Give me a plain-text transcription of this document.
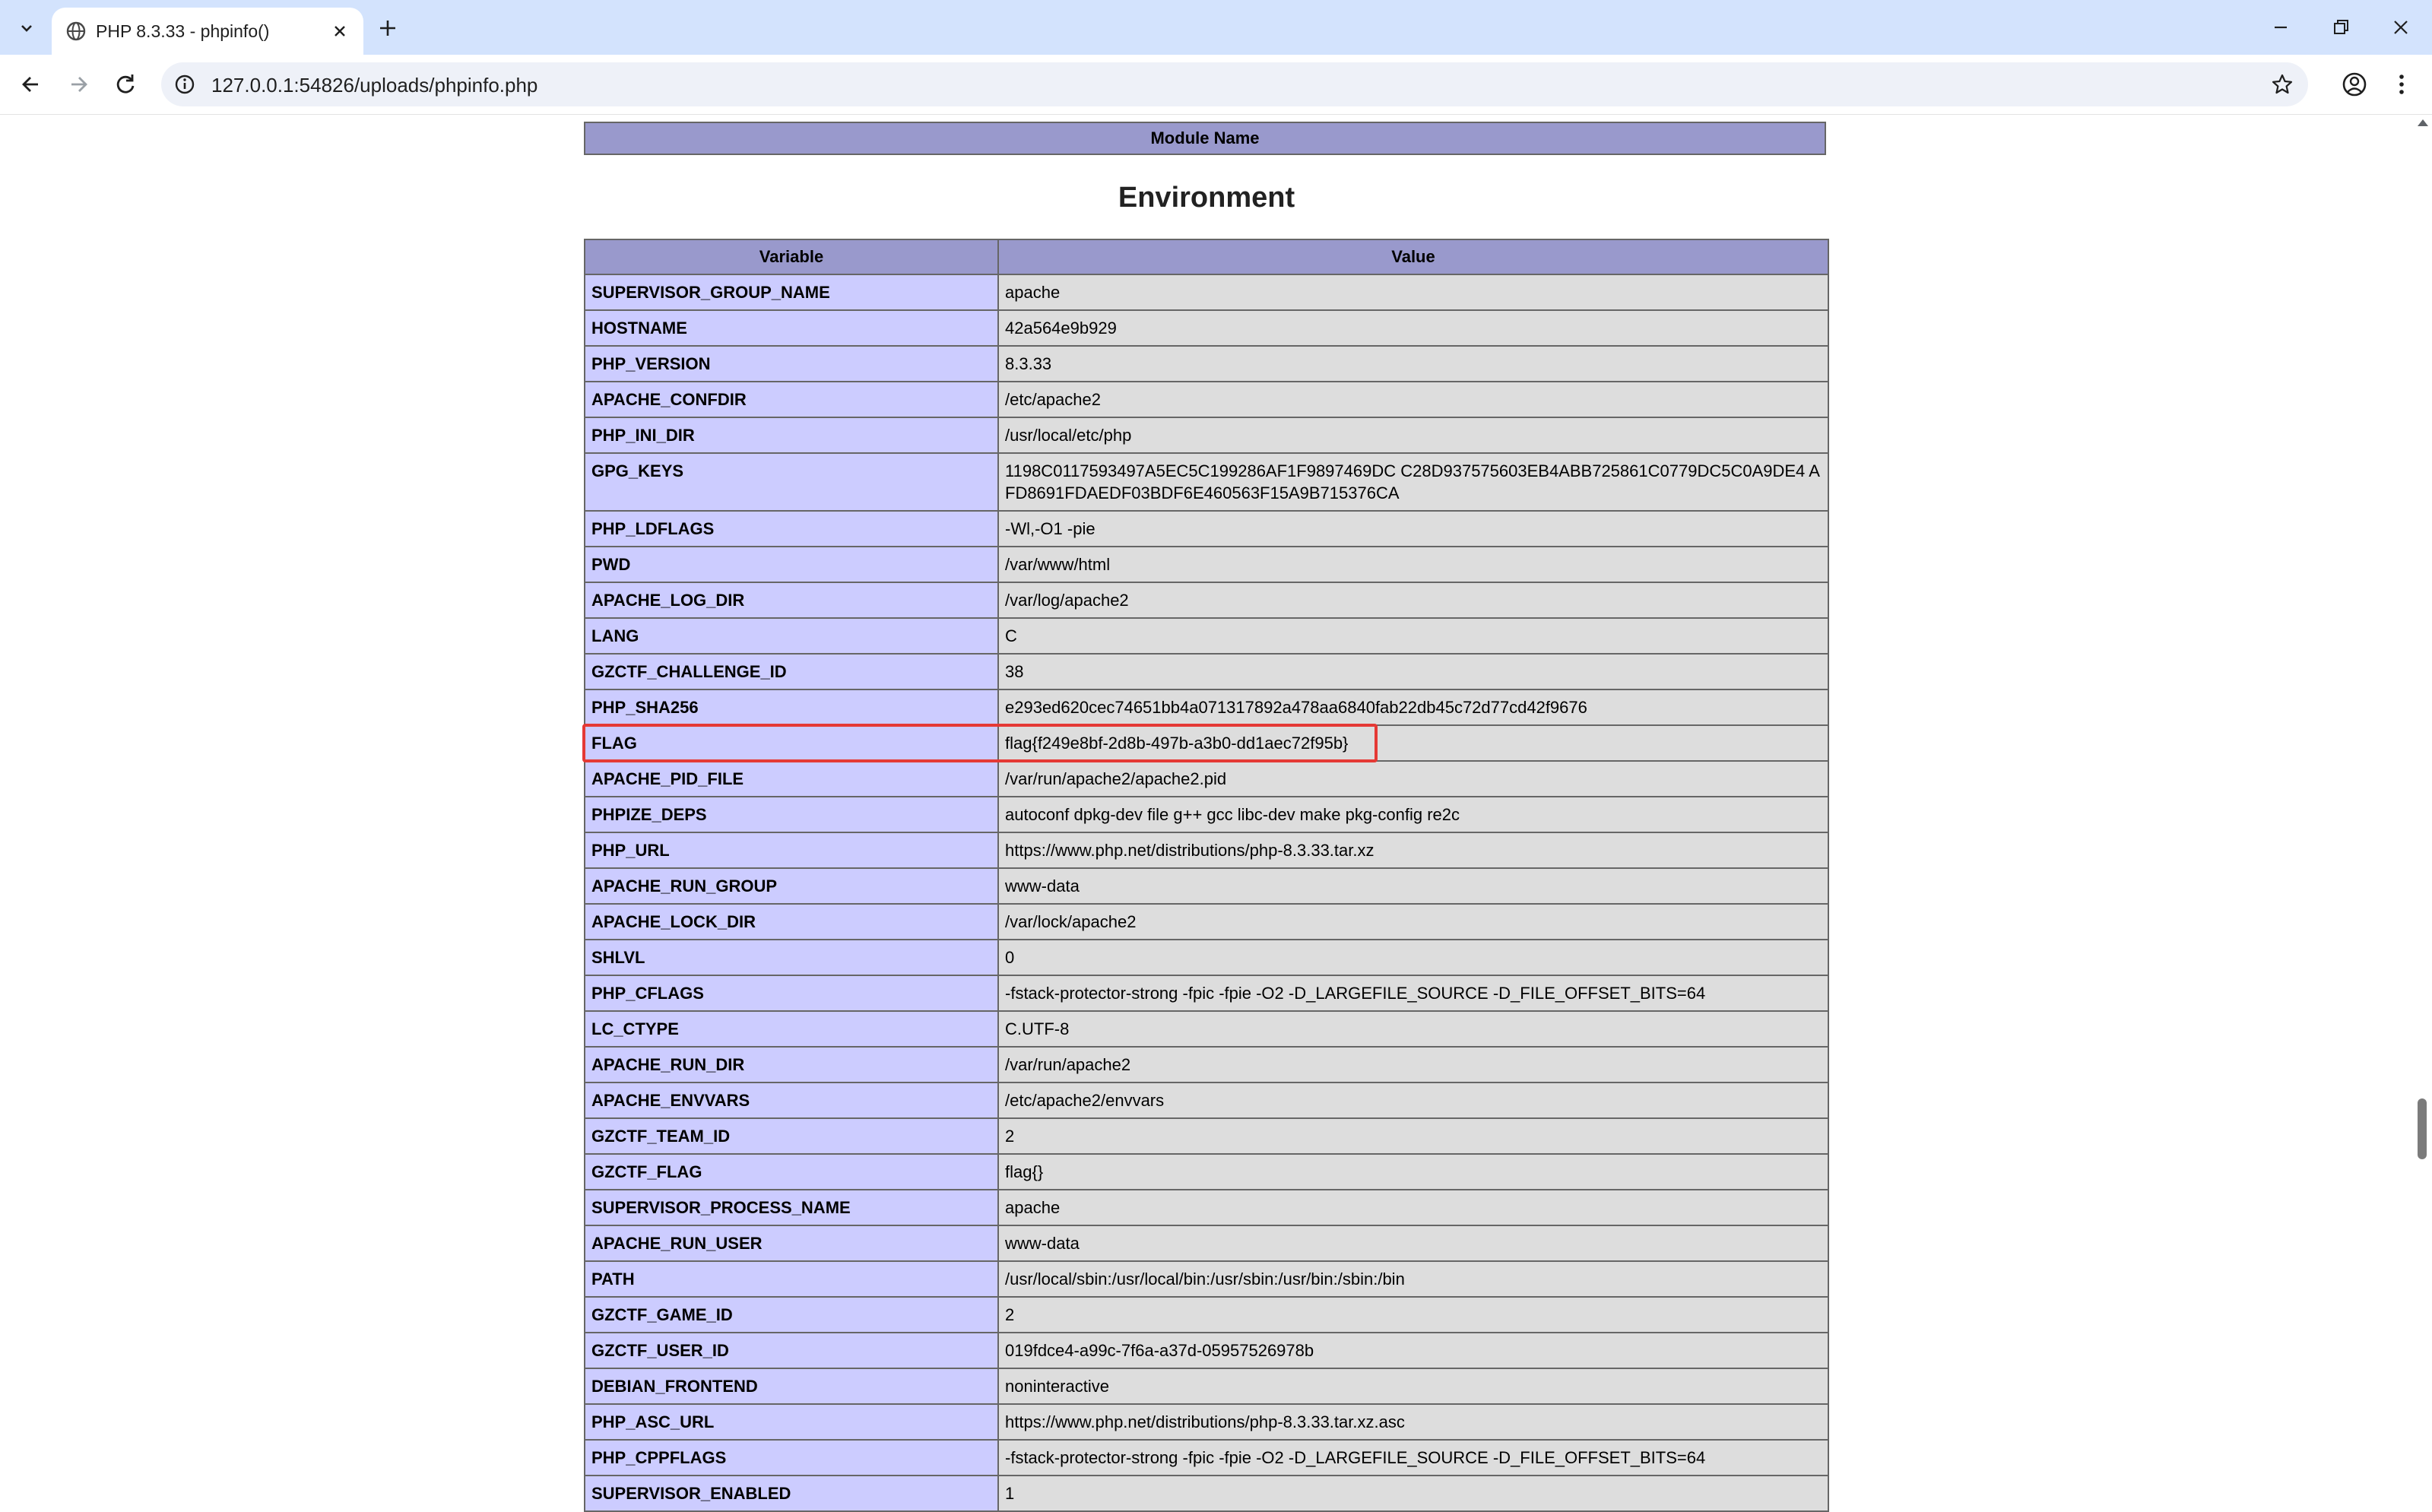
PHP 8.3.33 - phpinfo()
127.0.0.1:54826/uploads/phpinfo.php
Module Name
Environment
Variable	Value
SUPERVISOR_GROUP_NAME	apache
HOSTNAME	42a564e9b929
PHP_VERSION	8.3.33
APACHE_CONFDIR	/etc/apache2
PHP_INI_DIR	/usr/local/etc/php
GPG_KEYS	1198C0117593497A5EC5C199286AF1F9897469DC C28D937575603EB4ABB725861C0779DC5C0A9DE4 AFD8691FDAEDF03BDF6E460563F15A9B715376CA
PHP_LDFLAGS	-Wl,-O1 -pie
PWD	/var/www/html
APACHE_LOG_DIR	/var/log/apache2
LANG	C
GZCTF_CHALLENGE_ID	38
PHP_SHA256	e293ed620cec74651bb4a071317892a478aa6840fab22db45c72d77cd42f9676
FLAG	flag{f249e8bf-2d8b-497b-a3b0-dd1aec72f95b}
APACHE_PID_FILE	/var/run/apache2/apache2.pid
PHPIZE_DEPS	autoconf dpkg-dev file g++ gcc libc-dev make pkg-config re2c
PHP_URL	https://www.php.net/distributions/php-8.3.33.tar.xz
APACHE_RUN_GROUP	www-data
APACHE_LOCK_DIR	/var/lock/apache2
SHLVL	0
PHP_CFLAGS	-fstack-protector-strong -fpic -fpie -O2 -D_LARGEFILE_SOURCE -D_FILE_OFFSET_BITS=64
LC_CTYPE	C.UTF-8
APACHE_RUN_DIR	/var/run/apache2
APACHE_ENVVARS	/etc/apache2/envvars
GZCTF_TEAM_ID	2
GZCTF_FLAG	flag{}
SUPERVISOR_PROCESS_NAME	apache
APACHE_RUN_USER	www-data
PATH	/usr/local/sbin:/usr/local/bin:/usr/sbin:/usr/bin:/sbin:/bin
GZCTF_GAME_ID	2
GZCTF_USER_ID	019fdce4-a99c-7f6a-a37d-05957526978b
DEBIAN_FRONTEND	noninteractive
PHP_ASC_URL	https://www.php.net/distributions/php-8.3.33.tar.xz.asc
PHP_CPPFLAGS	-fstack-protector-strong -fpic -fpie -O2 -D_LARGEFILE_SOURCE -D_FILE_OFFSET_BITS=64
SUPERVISOR_ENABLED	1
